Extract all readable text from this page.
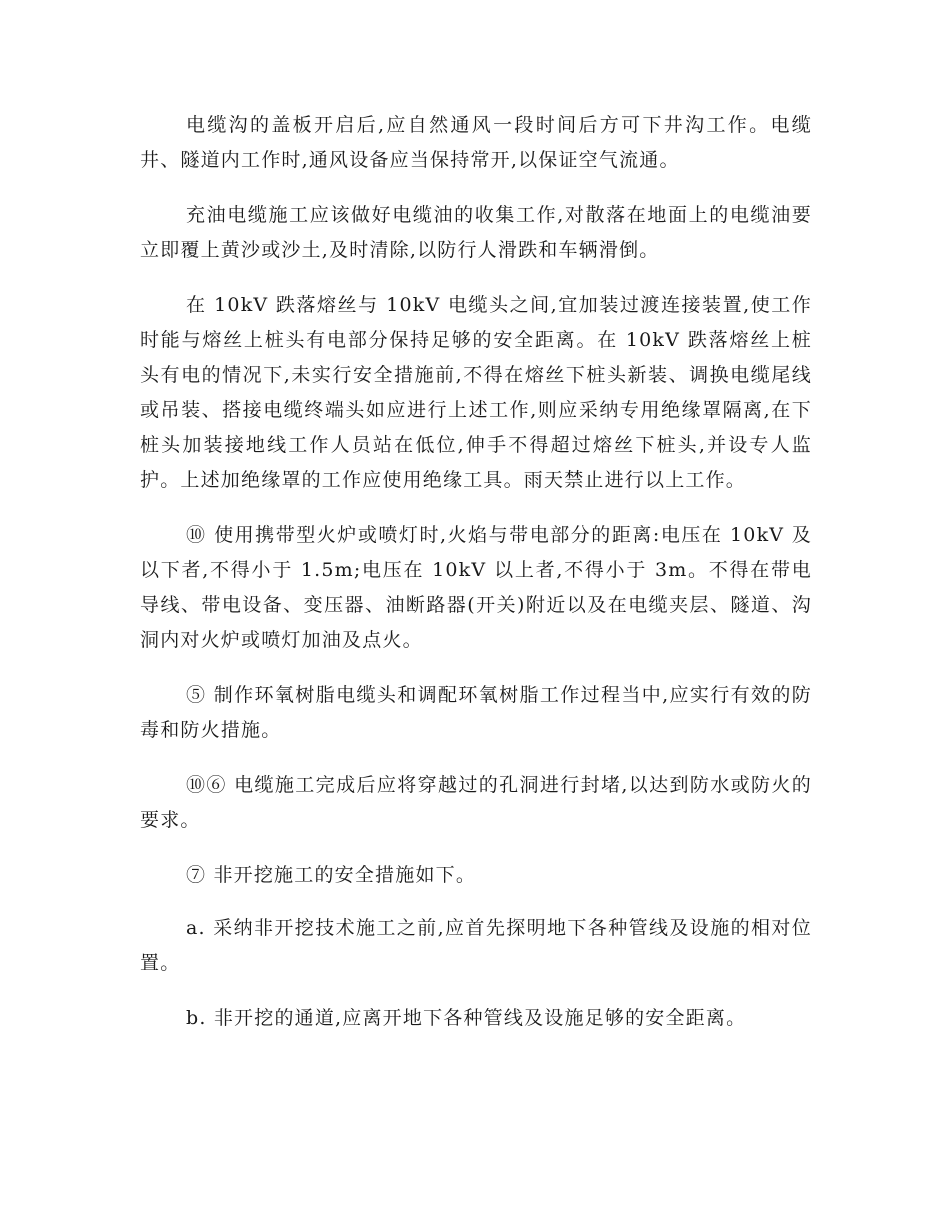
电缆沟的盖板开启后,应自然通风一段时间后方可下井沟工作。电缆井、隧道内工作时,通风设备应当保持常开,以保证空气流通。

充油电缆施工应该做好电缆油的收集工作,对散落在地面上的电缆油要立即覆上黄沙或沙土,及时清除,以防行人滑跌和车辆滑倒。

在 10kV 跌落熔丝与 10kV 电缆头之间,宜加装过渡连接装置,使工作时能与熔丝上桩头有电部分保持足够的安全距离。在 10kV 跌落熔丝上桩头有电的情况下,未实行安全措施前,不得在熔丝下桩头新装、调换电缆尾线或吊装、搭接电缆终端头如应进行上述工作,则应采纳专用绝缘罩隔离,在下桩头加装接地线工作人员站在低位,伸手不得超过熔丝下桩头,并设专人监护。上述加绝缘罩的工作应使用绝缘工具。雨天禁止进行以上工作。

⑩ 使用携带型火炉或喷灯时,火焰与带电部分的距离:电压在 10kV 及以下者,不得小于 1.5m;电压在 10kV 以上者,不得小于 3m。不得在带电导线、带电设备、变压器、油断路器(开关)附近以及在电缆夹层、隧道、沟洞内对火炉或喷灯加油及点火。

⑤ 制作环氧树脂电缆头和调配环氧树脂工作过程当中,应实行有效的防毒和防火措施。

⑩⑥ 电缆施工完成后应将穿越过的孔洞进行封堵,以达到防水或防火的要求。

⑦ 非开挖施工的安全措施如下。

a. 采纳非开挖技术施工之前,应首先探明地下各种管线及设施的相对位置。

b. 非开挖的通道,应离开地下各种管线及设施足够的安全距离。
